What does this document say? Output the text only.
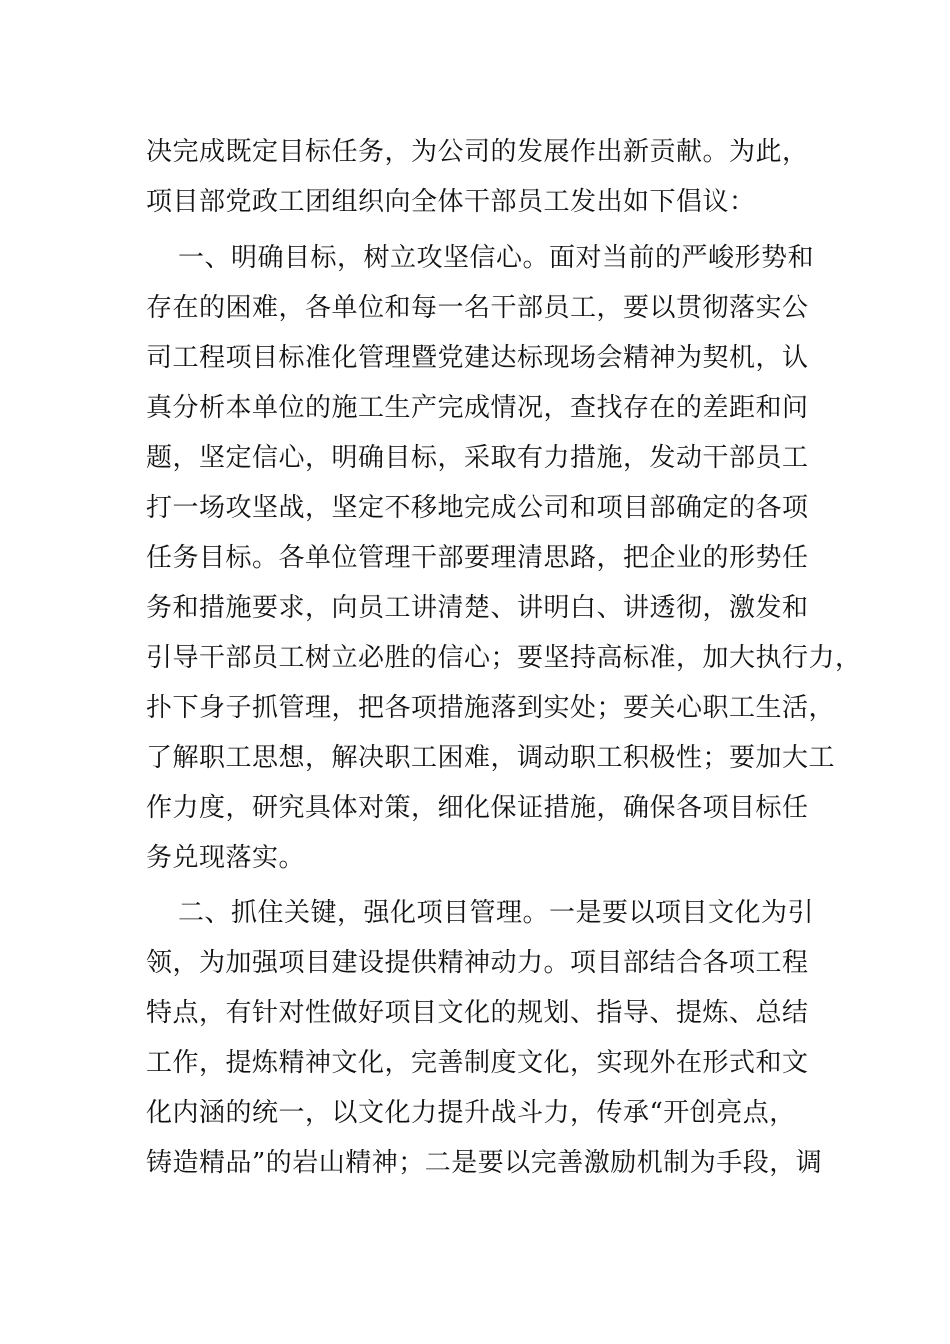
决完成既定目标任务，为公司的发展作出新贡献。为此，
项目部党政工团组织向全体干部员工发出如下倡议：
一、明确目标，树立攻坚信心。面对当前的严峻形势和
存在的困难，各单位和每一名干部员工，要以贯彻落实公
司工程项目标准化管理暨党建达标现场会精神为契机，认
真分析本单位的施工生产完成情况，查找存在的差距和问
题，坚定信心，明确目标，采取有力措施，发动干部员工
打一场攻坚战，坚定不移地完成公司和项目部确定的各项
任务目标。各单位管理干部要理清思路，把企业的形势任
务和措施要求，向员工讲清楚、讲明白、讲透彻，激发和
引导干部员工树立必胜的信心；要坚持高标准，加大执行力，
扑下身子抓管理，把各项措施落到实处；要关心职工生活，
了解职工思想，解决职工困难，调动职工积极性；要加大工
作力度，研究具体对策，细化保证措施，确保各项目标任
务兑现落实。
二、抓住关键，强化项目管理。一是要以项目文化为引
领，为加强项目建设提供精神动力。项目部结合各项工程
特点，有针对性做好项目文化的规划、指导、提炼、总结
工作，提炼精神文化，完善制度文化，实现外在形式和文
化内涵的统一，以文化力提升战斗力，传承“开创亮点，
铸造精品”的岩山精神；二是要以完善激励机制为手段，调
